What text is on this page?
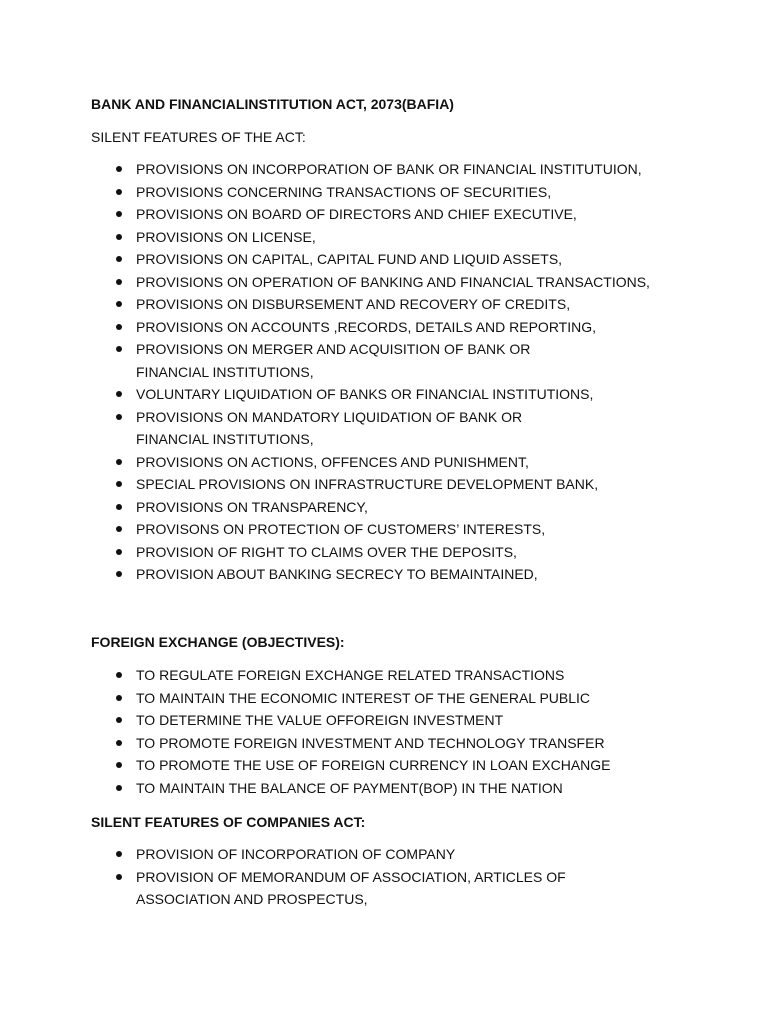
BANK AND FINANCIALINSTITUTION ACT, 2073(BAFIA)

SILENT FEATURES OF THE ACT:

PROVISIONS ON INCORPORATION OF BANK OR FINANCIAL INSTITUTUION,
PROVISIONS CONCERNING TRANSACTIONS OF SECURITIES,
PROVISIONS ON BOARD OF DIRECTORS AND CHIEF EXECUTIVE,
PROVISIONS ON LICENSE,
PROVISIONS ON CAPITAL, CAPITAL FUND AND LIQUID ASSETS,
PROVISIONS ON OPERATION OF BANKING AND FINANCIAL TRANSACTIONS,
PROVISIONS ON DISBURSEMENT AND RECOVERY OF CREDITS,
PROVISIONS ON ACCOUNTS ,RECORDS, DETAILS AND REPORTING,
PROVISIONS ON MERGER AND ACQUISITION OF BANK OR FINANCIAL INSTITUTIONS,
VOLUNTARY LIQUIDATION OF BANKS OR FINANCIAL INSTITUTIONS,
PROVISIONS ON MANDATORY LIQUIDATION OF BANK OR FINANCIAL INSTITUTIONS,
PROVISIONS ON ACTIONS, OFFENCES AND PUNISHMENT,
SPECIAL PROVISIONS ON INFRASTRUCTURE DEVELOPMENT BANK,
PROVISIONS ON TRANSPARENCY,
PROVISONS ON PROTECTION OF CUSTOMERS’ INTERESTS,
PROVISION OF RIGHT TO CLAIMS OVER THE DEPOSITS,
PROVISION ABOUT BANKING SECRECY TO BEMAINTAINED,

FOREIGN EXCHANGE (OBJECTIVES):

TO REGULATE FOREIGN EXCHANGE RELATED TRANSACTIONS
TO MAINTAIN THE ECONOMIC INTEREST OF THE GENERAL PUBLIC
TO DETERMINE THE VALUE OFFOREIGN INVESTMENT
TO PROMOTE FOREIGN INVESTMENT AND TECHNOLOGY TRANSFER
TO PROMOTE THE USE OF FOREIGN CURRENCY IN LOAN EXCHANGE
TO MAINTAIN THE BALANCE OF PAYMENT(BOP) IN THE NATION

SILENT FEATURES OF COMPANIES ACT:

PROVISION OF INCORPORATION OF COMPANY
PROVISION OF MEMORANDUM OF ASSOCIATION, ARTICLES OF ASSOCIATION AND PROSPECTUS,
